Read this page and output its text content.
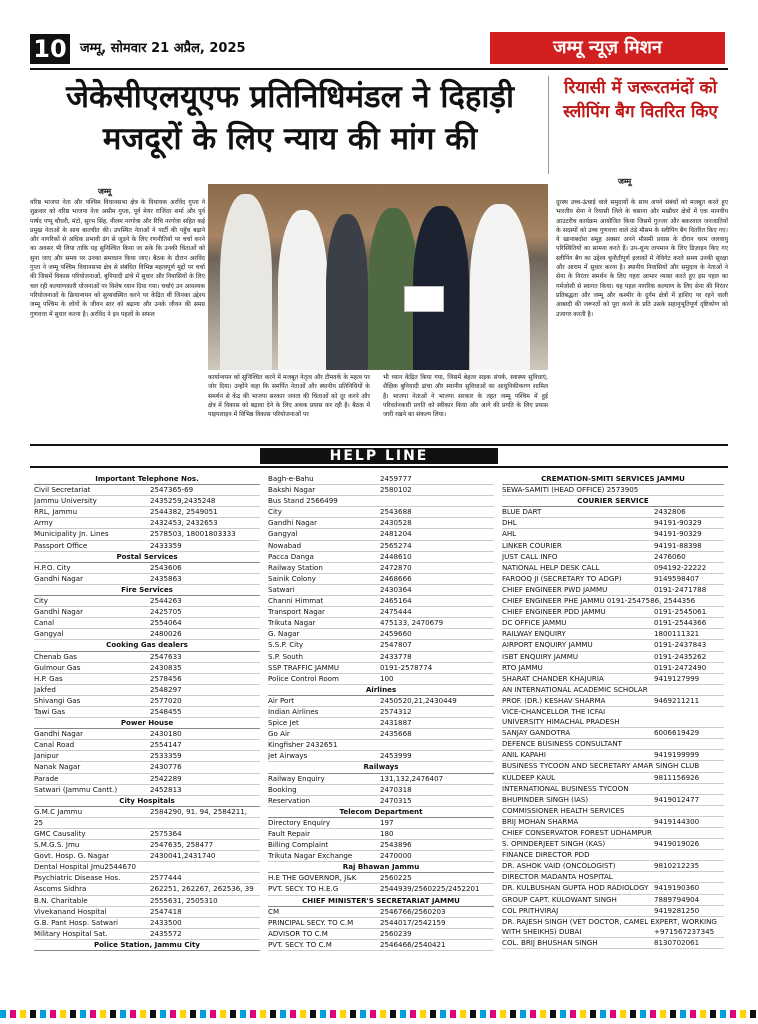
10 जम्मू, सोमवार 21 अप्रैल, 2025	जम्मू न्यूज़ मिशन
जेकेसीएलयूएफ प्रतिनिधिमंडल ने दिहाड़ी
मजदूरों के लिए न्याय की मांग की
रियासी में जरूरतमंदों को स्लीपिंग बैग वितरित किए
जम्मू
वरिष्ठ भाजपा नेता और पश्चिम विधानसभा क्षेत्र के विधायक अरविंद गुप्ता ने शुक्रवार को वरिष्ठ भाजपा नेता असीम गुप्ता, पूर्व मेयर राजिंदर शर्मा और पूर्व पार्षद पप्पू चौधरी, मंटो, सुरभ सिंह, नीलम नरगोत्रा और रिचि नरगोत्रा सहित कई प्रमुख नेताओं के साथ बातचीत की। उपस्थित नेताओं ने पार्टी की पहुँच बढ़ाने और नागरिकों से अधिक प्रभावी ढंग से जुड़ने के लिए रणनीतियों पर चर्चा करने का अवसर भी लिया ताकि यह सुनिश्चित किया जा सके कि उनकी चिंताओं को सुना जाए और समय पर उनका समाधान किया जाए। बैठक के दौरान अरविंद गुप्ता ने जम्मू पश्चिम विधानसभा क्षेत्र से संबंधित विभिन्न महत्वपूर्ण मुद्दों पर चर्चा की जिसमें विकास परियोजनाओं, बुनियादी ढांचे में सुधार और निवासियों के लिए चल रही कल्याणकारी योजनाओं पर विशेष ध्यान दिया गया। चर्चाएं उन आवश्यक परियोजनाओं के क्रियान्वयन को सुव्यवस्थित करने पर केंद्रित थीं जिनका उद्देश्य जम्मू पश्चिम के लोगों के जीवन स्तर को बढ़ाना और उनके जीवन की समग्र गुणवत्ता में सुधार करना है। अरविंद ने इन पहलों के सफल
कार्यान्वयन को सुनिश्चित करने में मजबूत नेतृत्व और टीमवर्क के महत्व पर जोर दिया। उन्होंने कहा कि समर्पित नेताओं और स्थानीय प्रतिनिधियों के समर्थन से केंद्र की भाजपा सरकार जनता की चिंताओं को दूर करने और क्षेत्र में विकास को बढ़ावा देने के लिए अथक प्रयास कर रही है। बैठक में पाइपलाइन में विभिन्न विकास परियोजनाओं पर
भी ध्यान केंद्रित किया गया, जिसमें बेहतर सड़क संपर्क, स्वास्थ्य सुविधाएं, शैक्षिक बुनियादी ढांचा और स्थानीय सुविधाओं का आधुनिकीकरण शामिल है। भाजपा नेताओं ने भाजपा सरकार के तहत जम्मू पश्चिम में हुई परिवर्तनकारी प्रगति को स्वीकार किया और आगे की प्रगति के लिए प्रयास जारी रखने का संकल्प लिया।
जम्मू
दूरस्थ उच्च-ऊंचाई वाले समुदायों के साथ अपने संबंधों को मजबूत करते हुए भारतीय सेना ने रियासी जिले के चसाना और मखौधर क्षेत्रों में एक मानवीय आउटरीच कार्यक्रम आयोजित किया जिसमें गुज्जर और बकरवाल जनजातियों के सदस्यों को उच्च गुणवत्ता वाले ठंडे मौसम के स्लीपिंग बैग वितरित किए गए। ये खानाबदोश समूह अक्सर अपने मौसमी प्रवास के दौरान चरम जलवायु परिस्थितियों का सामना करते हैं। उप-शून्य तापमान के लिए डिज़ाइन किए गए स्लीपिंग बैग का उद्देश्य चुनौतीपूर्ण इलाकों में नेविगेट करते समय उनकी सुरक्षा और आराम में सुधार करना है। स्थानीय निवासियों और समुदाय के नेताओं ने सेना के निरंतर समर्थन के लिए गहरा आभार व्यक्त करते हुए इस पहल का गर्मजोशी से स्वागत किया। यह पहल नागरिक कल्याण के लिए सेना की निरंतर प्रतिबद्धता और जम्मू और कश्मीर के दुर्गम क्षेत्रों में हाशिए पर रहने वाली आबादी की जरूरतों को पूरा करने के प्रति उसके सहानुभूतिपूर्ण दृष्टिकोण को उजागर करती है।
HELP LINE
Important Telephone Nos.
Civil Secretariat	2547365-69
Jammu University	2435259,2435248
RRL, Jammu	2544382, 2549051
Army	2432453, 2432653
Municipality Jn. Lines	2578503, 18001803333
Passport Office	2433359
Postal Services
H.P.O. City	2543606
Gandhi Nagar	2435863
Fire Services
City	2544263
Gandhi Nagar	2425705
Canal	2554064
Gangyal	2480026
Cooking Gas dealers
Chenab Gas	2547633
Gulmour Gas	2430835
H.P. Gas	2578456
Jakfed	2548297
Shivangi Gas	2577020
Tawi Gas	2548455
Power House
Gandhi Nagar	2430180
Canal Road	2554147
Janipur	2533359
Nanak Nagar	2430776
Parade	2542289
Satwari (Jammu Cantt.)	2452813
City Hospitals
G.M.C Jammu	2584290, 91. 94, 2584211,
25
GMC Causality	2575364
S.M.G.S. Jmu	2547635, 258477
Govt. Hosp. G. Nagar	2430041,2431740
Dental Hospital Jmu2544670
Psychiatric Disease Hos.	2577444
Ascoms Sidhra	262251, 262267, 262536, 39
B.N. Charitable	2555631, 2505310
Vivekanand Hospital	2547418
G.B. Pant Hosp. Satwari	2433500
Military Hospital Sat.	2435572
Police Station, Jammu City
Bagh-e-Bahu	2459777
Bakshi Nagar	2580102
Bus Stand 2566499
City	2543688
Gandhi Nagar	2430528
Gangyal	2481204
Nowabad	2565274
Pacca Danga	2448610
Railway Station	2472870
Sainik Colony	2468666
Satwari	2430364
Channi Himmat	2465164
Transport Nagar	2475444
Trikuta Nagar	475133, 2470679
G. Nagar	2459660
S.S.P. City	2547807
S.P. South	2433778
SSP TRAFFIC JAMMU	0191-2578774
Police Control Room	100
Airlines
Air Port	2450520,21,2430449
Indian Airlines	2574312
Spice Jet	2431887
Go Air	2435668
Kingfisher 2432651
Jet Airways	2453999
Railways
Railway Enquiry	131,132,2476407
Booking	2470318
Reservation	2470315
Telecom Department
Directory Enquiry	197
Fault Repair	180
Billing Complaint	2543896
Trikuta Nagar Exchange	2470000
Raj Bhawan Jammu
H.E THE GOVERNOR, J&K	2560225
PVT. SECY. TO H.E.G	2544939/2560225/2452201
CHIEF MINISTER'S SECRETARIAT JAMMU
CM	2546766/2560203
PRINCIPAL SECY. TO C.M	2544017/2542159
ADVISOR TO C.M	2560239
PVT. SECY. TO C.M	2546466/2540421
CREMATION-SMITI SERVICES JAMMU
SEWA-SAMITI (HEAD OFFICE) 2573905
COURIER SERVICE
BLUE DART	2432806
DHL	94191-90329
AHL	94191-90329
LINKER COURIER	94191-88398
JUST CALL INFO	2476060
NATIONAL HELP DESK CALL	094192-22222
FAROOQ JI (SECRETARY TO ADGP)	9149598407
CHIEF ENGINEER PWD JAMMU	0191-2471788
CHIEF ENGINEER PHE JAMMU 0191-2547586, 2544356
CHIEF ENGINEER PDD JAMMU	0191-2545061
DC OFFICE JAMMU	0191-2544366
RAILWAY ENQUIRY	1800111321
AIRPORT ENQUIRY JAMMU	0191-2437843
ISBT ENQUIRY JAMMU	0191-2435262
RTO JAMMU	0191-2472490
SHARAT CHANDER KHAJURIA	9419127999
AN INTERNATIONAL ACADEMIC SCHOLAR
PROF. (DR.) KESHAV SHARMA	9469211211
VICE-CHANCELLOR THE ICFAI
UNIVERSITY HIMACHAL PRADESH
SANJAY GANDOTRA	6006619429
DEFENCE BUSINESS CONSULTANT
ANIL KAPAHI	9419199999
BUSINESS TYCOON AND SECRETARY AMAR SINGH CLUB
KULDEEP KAUL	9811156926
INTERNATIONAL BUSINESS TYCOON
BHUPINDER SINGH (IAS)	9419012477
COMMISSIONER HEALTH SERVICES
BRIJ MOHAN SHARMA	9419144300
CHIEF CONSERVATOR FOREST UDHAMPUR
S. OPINDERJEET SINGH (KAS)	9419019026
FINANCE DIRECTOR PDD
DR. ASHOK VAID (ONCOLOGIST)	9810212235
DIRECTOR MADANTA HOSPITAL
DR. KULBUSHAN GUPTA HOD RADIOLOGY 9419190360
GROUP CAPT. KULOWANT SINGH	7889794904
COL PRITHVIRAJ	9419281250
DR. RAJESH SINGH (VET DOCTOR, CAMEL EXPERT, WORKING
WITH SHEIKHS) DUBAI	+971567237345
COL. BRIJ BHUSHAN SINGH	8130702061
